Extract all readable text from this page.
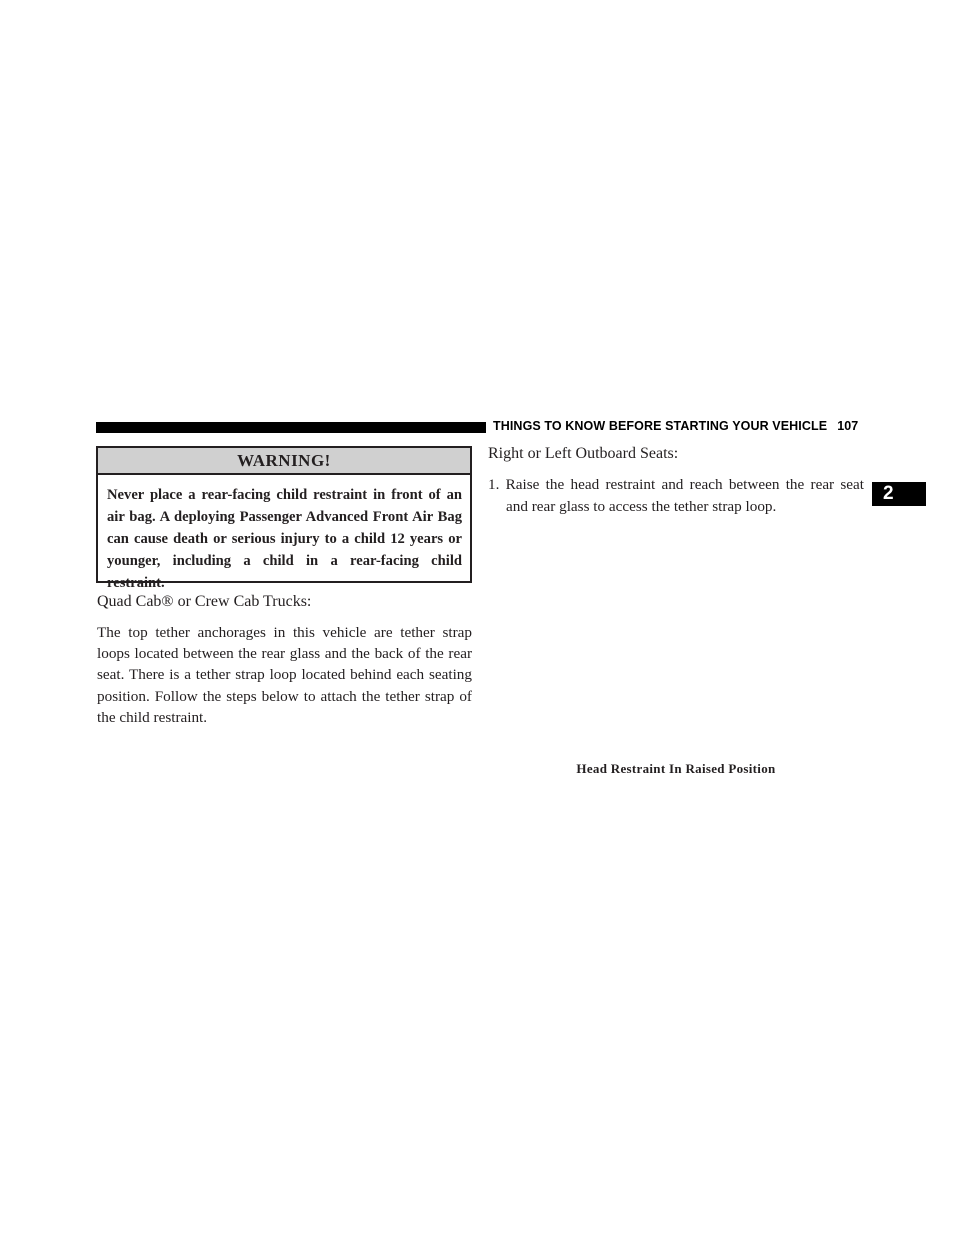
THINGS TO KNOW BEFORE STARTING YOUR VEHICLE 107
2
WARNING!
Never place a rear-facing child restraint in front of an air bag. A deploying Passenger Advanced Front Air Bag can cause death or serious injury to a child 12 years or younger, including a child in a rear-facing child restraint.

Quad Cab® or Crew Cab Trucks:

The top tether anchorages in this vehicle are tether strap loops located between the rear glass and the back of the rear seat. There is a tether strap loop located behind each seating position. Follow the steps below to attach the tether strap of the child restraint.

Right or Left Outboard Seats:

1. Raise the head restraint and reach between the rear seat and rear glass to access the tether strap loop.

Head Restraint In Raised Position
